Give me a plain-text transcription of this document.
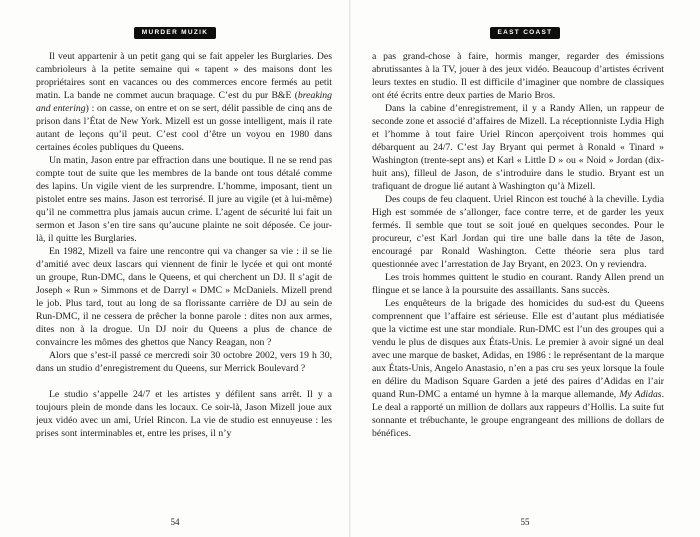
MURDER MUZIK

Il veut appartenir à un petit gang qui se fait appeler les Burglaries. Des cambrioleurs à la petite semaine qui « tapent » des maisons dont les propriétaires sont en vacances ou des commerces encore fermés au petit matin. La bande ne commet aucun braquage. C’est du pur B&E (breaking and entering) : on casse, on entre et on se sert, délit passible de cinq ans de prison dans l’État de New York. Mizell est un gosse intelligent, mais il rate autant de leçons qu’il peut. C’est cool d’être un voyou en 1980 dans certaines écoles publiques du Queens.

Un matin, Jason entre par effraction dans une boutique. Il ne se rend pas compte tout de suite que les membres de la bande ont tous détalé comme des lapins. Un vigile vient de les surprendre. L’homme, imposant, tient un pistolet entre ses mains. Jason est terrorisé. Il jure au vigile (et à lui-même) qu’il ne commettra plus jamais aucun crime. L’agent de sécurité lui fait un sermon et Jason s’en tire sans qu’aucune plainte ne soit déposée. Ce jour-là, il quitte les Burglaries.

En 1982, Mizell va faire une rencontre qui va changer sa vie : il se lie d’amitié avec deux lascars qui viennent de finir le lycée et qui ont monté un groupe, Run-DMC, dans le Queens, et qui cherchent un DJ. Il s’agit de Joseph « Run » Simmons et de Darryl « DMC » McDaniels. Mizell prend le job. Plus tard, tout au long de sa florissante carrière de DJ au sein de Run-DMC, il ne cessera de prêcher la bonne parole : dites non aux armes, dites non à la drogue. Un DJ noir du Queens a plus de chance de convaincre les mômes des ghettos que Nancy Reagan, non ?

Alors que s’est-il passé ce mercredi soir 30 octobre 2002, vers 19 h 30, dans un studio d’enregistrement du Queens, sur Merrick Boulevard ?

Le studio s’appelle 24/7 et les artistes y défilent sans arrêt. Il y a toujours plein de monde dans les locaux. Ce soir-là, Jason Mizell joue aux jeux vidéo avec un ami, Uriel Rincon. La vie de studio est ennuyeuse : les prises sont interminables et, entre les prises, il n’y

54
EAST COAST

a pas grand-chose à faire, hormis manger, regarder des émissions abrutissantes à la TV, jouer à des jeux vidéo. Beaucoup d’artistes écrivent leurs textes en studio. Il est difficile d’imaginer que nombre de classiques ont été écrits entre deux parties de Mario Bros.

Dans la cabine d’enregistrement, il y a Randy Allen, un rappeur de seconde zone et associé d’affaires de Mizell. La réceptionniste Lydia High et l’homme à tout faire Uriel Rincon aperçoivent trois hommes qui débarquent au 24/7. C’est Jay Bryant qui permet à Ronald « Tinard » Washington (trente-sept ans) et Karl « Little D » ou « Noid » Jordan (dix-huit ans), filleul de Jason, de s’introduire dans le studio. Bryant est un trafiquant de drogue lié autant à Washington qu’à Mizell.

Des coups de feu claquent. Uriel Rincon est touché à la cheville. Lydia High est sommée de s’allonger, face contre terre, et de garder les yeux fermés. Il semble que tout se soit joué en quelques secondes. Pour le procureur, c’est Karl Jordan qui tire une balle dans la tête de Jason, encouragé par Ronald Washington. Cette théorie sera plus tard questionnée avec l’arrestation de Jay Bryant, en 2023. On y reviendra.

Les trois hommes quittent le studio en courant. Randy Allen prend un flingue et se lance à la poursuite des assaillants. Sans succès.

Les enquêteurs de la brigade des homicides du sud-est du Queens comprennent que l’affaire est sérieuse. Elle est d’autant plus médiatisée que la victime est une star mondiale. Run-DMC est l’un des groupes qui a vendu le plus de disques aux États-Unis. Le premier à avoir signé un deal avec une marque de basket, Adidas, en 1986 : le représentant de la marque aux États-Unis, Angelo Anastasio, n’en a pas cru ses yeux lorsque la foule en délire du Madison Square Garden a jeté des paires d’Adidas en l’air quand Run-DMC a entamé un hymne à la marque allemande, My Adidas. Le deal a rapporté un million de dollars aux rappeurs d’Hollis. La suite fut sonnante et trébuchante, le groupe engrangeant des millions de dollars de bénéfices.

55
